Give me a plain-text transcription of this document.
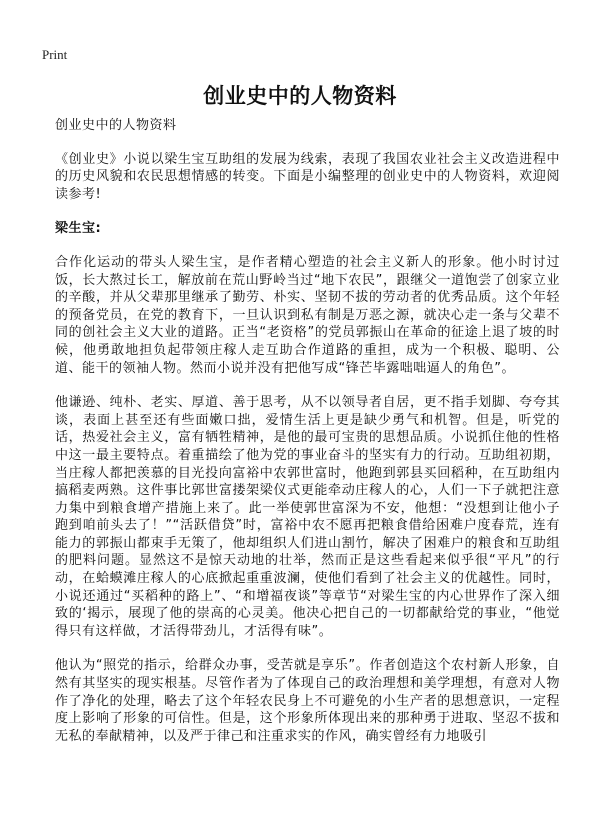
Print
创业史中的人物资料

创业史中的人物资料

《创业史》小说以梁生宝互助组的发展为线索，表现了我国农业社会主义改造进程中的历史风貌和农民思想情感的转变。下面是小编整理的创业史中的人物资料，欢迎阅读参考!

梁生宝:

合作化运动的带头人梁生宝，是作者精心塑造的社会主义新人的形象。他小时讨过饭，长大熬过长工，解放前在荒山野岭当过“地下农民”，跟继父一道饱尝了创家立业的辛酸，并从父辈那里继承了勤劳、朴实、坚韧不拔的劳动者的优秀品质。这个年轻的预备党员，在党的教育下，一旦认识到私有制是万恶之源，就决心走一条与父辈不同的创社会主义大业的道路。正当“老资格”的党员郭振山在革命的征途上退了坡的时候，他勇敢地担负起带领庄稼人走互助合作道路的重担，成为一个积极、聪明、公道、能干的领袖人物。然而小说并没有把他写成“锋芒毕露咄咄逼人的角色”。

他谦逊、纯朴、老实、厚道、善于思考，从不以领导者自居，更不指手划脚、夸夸其谈，表面上甚至还有些面嫩口拙，爱情生活上更是缺少勇气和机智。但是，听党的话，热爱社会主义，富有牺牲精神，是他的最可宝贵的思想品质。小说抓住他的性格中这一最主要特点。着重描绘了他为党的事业奋斗的坚实有力的行动。互助组初期，当庄稼人都把羡慕的目光投向富裕中农郭世富时，他跑到郭县买回稻种，在互助组内搞稻麦两熟。这件事比郭世富搂架梁仪式更能牵动庄稼人的心，人们一下子就把注意力集中到粮食增产措施上来了。此一举使郭世富深为不安，他想：“没想到让他小子跑到咱前头去了！”“活跃借贷”时，富裕中农不愿再把粮食借给困难户度春荒，连有能力的郭振山都束手无策了，他却组织人们进山割竹，解决了困难户的粮食和互助组的肥料问题。显然这不是惊天动地的壮举，然而正是这些看起来似乎很“平凡”的行动，在蛤蟆滩庄稼人的心底掀起重重波澜，使他们看到了社会主义的优越性。同时，小说还通过“买稻种的路上”、“和增福夜谈”等章节“对梁生宝的内心世界作了深入细致的‘揭示，展现了他的崇高的心灵美。他决心把自己的一切都献给党的事业，“他觉得只有这样做，才活得带劲儿，才活得有味”。

他认为“照党的指示，给群众办事，受苦就是享乐”。作者创造这个农村新人形象，自然有其坚实的现实根基。尽管作者为了体现自己的政治理想和美学理想，有意对人物作了净化的处理，略去了这个年轻农民身上不可避免的小生产者的思想意识，一定程度上影响了形象的可信性。但是，这个形象所体现出来的那种勇于进取、坚忍不拔和无私的奉献精神，以及严于律己和注重求实的作风，确实曾经有力地吸引
